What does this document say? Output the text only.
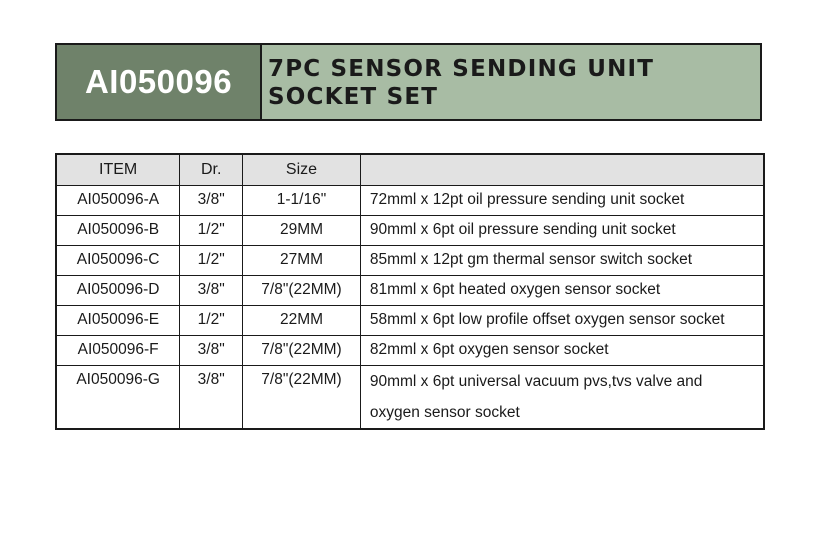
AI050096	7PC SENSOR SENDING UNIT SOCKET SET
ITEM	Dr.	Size	
AI050096-A	3/8"	1-1/16"	72mml x 12pt oil pressure sending unit socket
AI050096-B	1/2"	29MM	90mml x 6pt oil pressure sending unit socket
AI050096-C	1/2"	27MM	85mml x 12pt gm thermal sensor switch socket
AI050096-D	3/8"	7/8"(22MM)	81mml x 6pt heated oxygen sensor socket
AI050096-E	1/2"	22MM	58mml x 6pt low profile offset oxygen sensor socket
AI050096-F	3/8"	7/8"(22MM)	82mml x 6pt oxygen sensor socket
AI050096-G	3/8"	7/8"(22MM)	90mml x 6pt universal vacuum pvs,tvs valve and
oxygen sensor socket
